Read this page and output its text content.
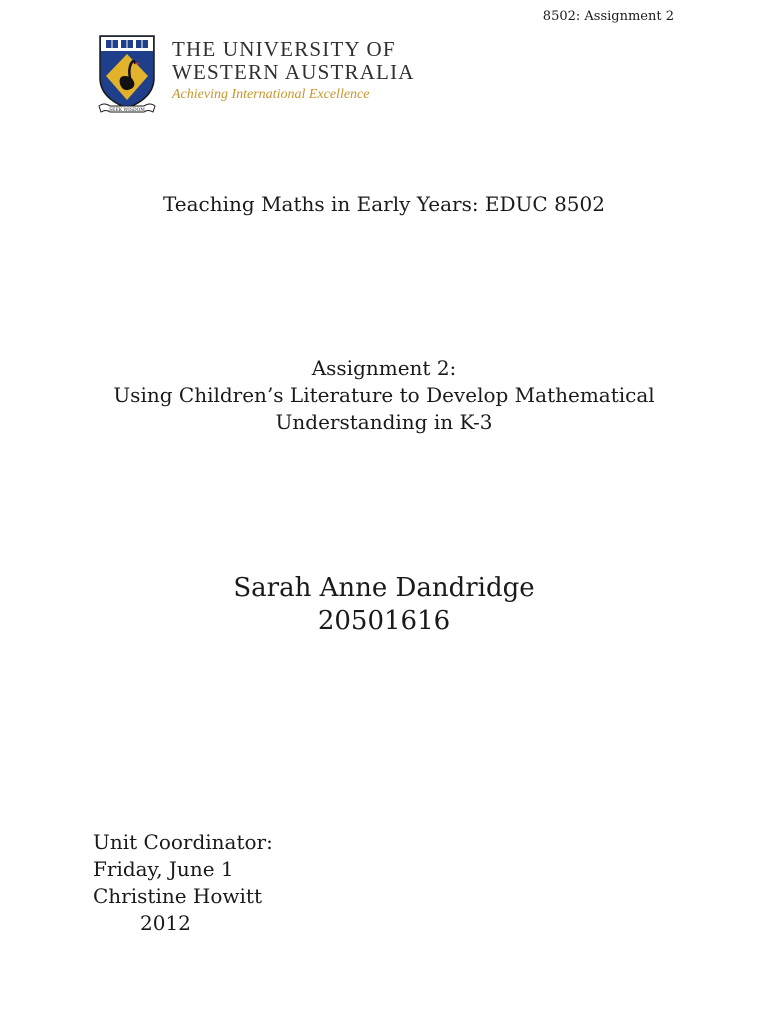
8502: Assignment 2
SEEK WISDOM
THE UNIVERSITY OF
WESTERN AUSTRALIA
Achieving International Excellence
Teaching Maths in Early Years: EDUC 8502
Assignment 2:
Using Children’s Literature to Develop Mathematical
Understanding in K-3
Sarah Anne Dandridge
20501616
Unit Coordinator:
Friday, June 1
Christine Howitt
2012
